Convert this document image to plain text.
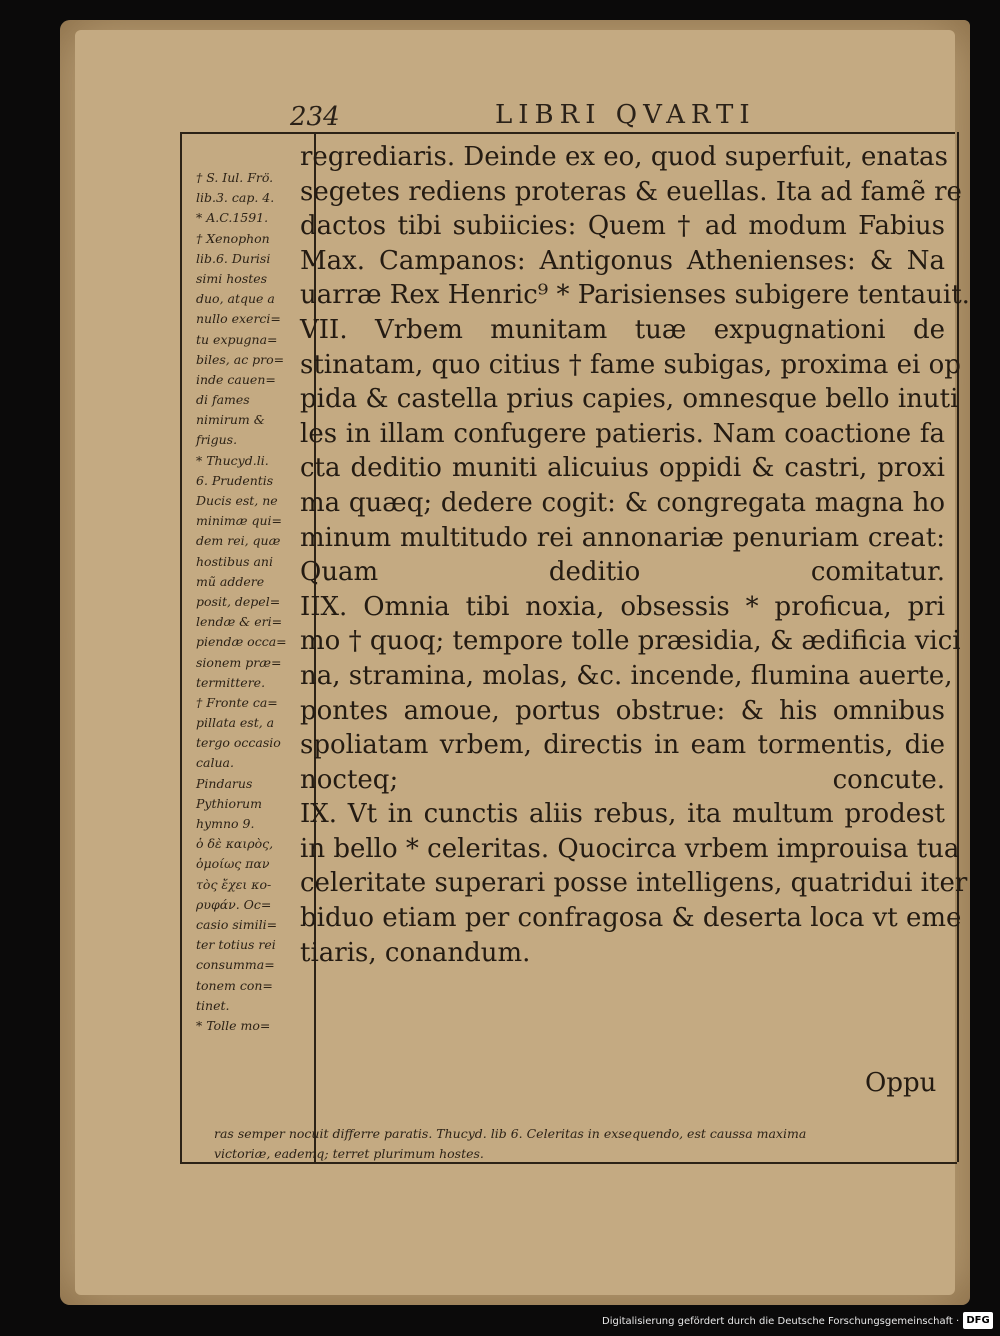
234	LIBRI QVARTI
† S. Iul. Frö.
lib.3. cap. 4.
* A.C.1591.
† Xenophon
lib.6. Durisi
simi hostes
duo, atque a
nullo exerci=
tu expugna=
biles, ac pro=
inde cauen=
di fames
nimirum &
frigus.
* Thucyd.li.
6. Prudentis
Ducis est, ne
minimæ qui=
dem rei, quæ
hostibus ani
mũ addere
posit, depel=
lendæ & eri=
piendæ occa=
sionem præ=
termittere.
† Fronte ca=
pillata est, a
tergo occasio
calua.
Pindarus
Pythiorum
hymno 9.
ὁ δὲ καιρὸς,
ὁμοίως παν
τὸς ἔχει κο-
ρυφάν. Oc=
casio simili=
ter totius rei
consumma=
tonem con=
tinet.
* Tolle mo=
regrediaris. Deinde ex eo, quod superfuit, enatas
segetes rediens proteras & euellas. Ita ad famẽ re
dactos tibi subiicies: Quem † ad modum Fabius
Max. Campanos: Antigonus Athenienses: & Na
uarræ Rex Henric⁹ * Parisienses subigere tentauit.
VII. Vrbem munitam tuæ expugnationi de
stinatam, quo citius † fame subigas, proxima ei op
pida & castella prius capies, omnesque bello inuti
les in illam confugere patieris. Nam coactione fa
cta deditio muniti alicuius oppidi & castri, proxi
ma quæq; dedere cogit: & congregata magna ho
minum multitudo rei annonariæ penuriam creat:
Quam deditio comitatur.
IIX. Omnia tibi noxia, obsessis * proficua, pri
mo † quoq; tempore tolle præsidia, & ædificia vici
na, stramina, molas, &c. incende, flumina auerte,
pontes amoue, portus obstrue: & his omnibus
spoliatam vrbem, directis in eam tormentis, die
nocteq; concute.
IX. Vt in cunctis aliis rebus, ita multum prodest
in bello * celeritas. Quocirca vrbem improuisa tua
celeritate superari posse intelligens, quatridui iter
biduo etiam per confragosa & deserta loca vt eme
tiaris, conandum.
Oppu
ras semper nocuit differre paratis. Thucyd. lib 6. Celeritas in exsequendo, est caussa maxima
victoriæ, eademq; terret plurimum hostes.
Digitalisierung gefördert durch die Deutsche Forschungsgemeinschaft · DFG
